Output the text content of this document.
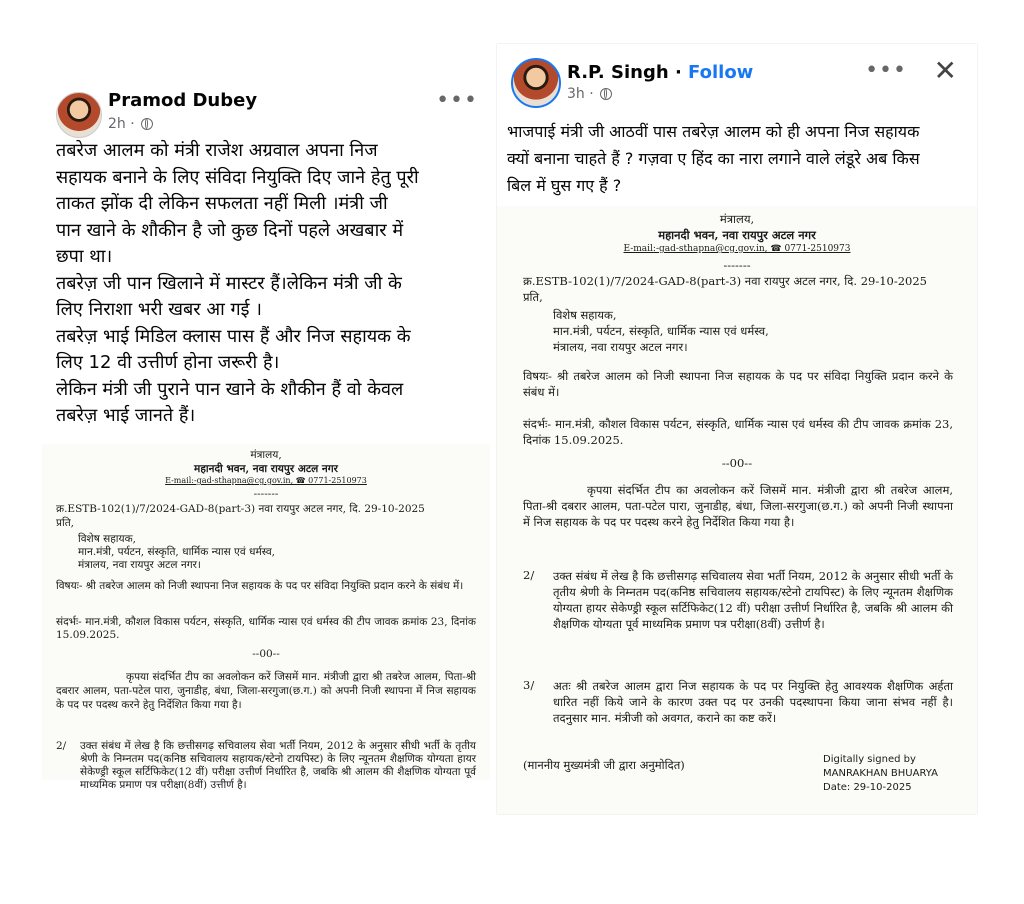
Pramod Dubey
2h ·
•••
तबरेज आलम को मंत्री राजेश अग्रवाल अपना निज
सहायक बनाने के लिए संविदा नियुक्ति दिए जाने हेतु पूरी
ताकत झोंक दी लेकिन सफलता नहीं मिली ।मंत्री जी
पान खाने के शौकीन है जो कुछ दिनों पहले अखबार में
छपा था।
तबरेज़ जी पान खिलाने में मास्टर हैं।लेकिन मंत्री जी के
लिए निराशा भरी खबर आ गई ।
तबरेज़ भाई मिडिल क्लास पास हैं और निज सहायक के
लिए 12 वी उत्तीर्ण होना जरूरी है।
लेकिन मंत्री जी पुराने पान खाने के शौकीन हैं वो केवल
तबरेज़ भाई जानते हैं।
मंत्रालय,
महानदी भवन, नवा रायपुर अटल नगर
E-mail:-gad-sthapna@cg.gov.in, ☎ 0771-2510973
-------
क्र.ESTB-102(1)/7/2024-GAD-8(part-3) नवा रायपुर अटल नगर, दि. 29-10-2025
प्रति,
विशेष सहायक,
मान.मंत्री, पर्यटन, संस्कृति, धार्मिक न्यास एवं धर्मस्व,
मंत्रालय, नवा रायपुर अटल नगर।
विषयः- श्री तबरेज आलम को निजी स्थापना निज सहायक के पद पर संविदा नियुक्ति प्रदान करने के संबंध में।
संदर्भः- मान.मंत्री, कौशल विकास पर्यटन, संस्कृति, धार्मिक न्यास एवं धर्मस्व की टीप जावक क्रमांक 23, दिनांक 15.09.2025.
--00--
कृपया संदर्भित टीप का अवलोकन करें जिसमें मान. मंत्रीजी द्वारा श्री तबरेज आलम, पिता-श्री दबरार आलम, पता-पटेल पारा, जुनाडीह, बंधा, जिला-सरगुजा(छ.ग.) को अपनी निजी स्थापना में निज सहायक के पद पर पदस्थ करने हेतु निर्देशित किया गया है।
2/ उक्त संबंध में लेख है कि छत्तीसगढ़ सचिवालय सेवा भर्ती नियम, 2012 के अनुसार सीधी भर्ती के तृतीय श्रेणी के निम्नतम पद(कनिष्ठ सचिवालय सहायक/स्टेनो टायपिस्ट) के लिए न्यूनतम शैक्षणिक योग्यता हायर सेकेण्ड्री स्कूल सर्टिफिकेट(12 वीं) परीक्षा उत्तीर्ण निर्धारित है, जबकि श्री आलम की शैक्षणिक योग्यता पूर्व माध्यमिक प्रमाण पत्र परीक्षा(8वीं) उत्तीर्ण है।
R.P. Singh · Follow
3h ·
••• ✕
भाजपाई मंत्री जी आठवीं पास तबरेज़ आलम को ही अपना निज सहायक
क्यों बनाना चाहते हैं ? गज़वा ए हिंद का नारा लगाने वाले लंडूरे अब किस
बिल में घुस गए हैं ?
मंत्रालय,
महानदी भवन, नवा रायपुर अटल नगर
E-mail:-gad-sthapna@cg.gov.in, ☎ 0771-2510973
-------
क्र.ESTB-102(1)/7/2024-GAD-8(part-3) नवा रायपुर अटल नगर, दि. 29-10-2025
प्रति,
विशेष सहायक,
मान.मंत्री, पर्यटन, संस्कृति, धार्मिक न्यास एवं धर्मस्व,
मंत्रालय, नवा रायपुर अटल नगर।
विषयः- श्री तबरेज आलम को निजी स्थापना निज सहायक के पद पर संविदा नियुक्ति प्रदान करने के संबंध में।
संदर्भः- मान.मंत्री, कौशल विकास पर्यटन, संस्कृति, धार्मिक न्यास एवं धर्मस्व की टीप जावक क्रमांक 23, दिनांक 15.09.2025.
--00--
कृपया संदर्भित टीप का अवलोकन करें जिसमें मान. मंत्रीजी द्वारा श्री तबरेज आलम, पिता-श्री दबरार आलम, पता-पटेल पारा, जुनाडीह, बंधा, जिला-सरगुजा(छ.ग.) को अपनी निजी स्थापना में निज सहायक के पद पर पदस्थ करने हेतु निर्देशित किया गया है।
2/ उक्त संबंध में लेख है कि छत्तीसगढ़ सचिवालय सेवा भर्ती नियम, 2012 के अनुसार सीधी भर्ती के तृतीय श्रेणी के निम्नतम पद(कनिष्ठ सचिवालय सहायक/स्टेनो टायपिस्ट) के लिए न्यूनतम शैक्षणिक योग्यता हायर सेकेण्ड्री स्कूल सर्टिफिकेट(12 वीं) परीक्षा उत्तीर्ण निर्धारित है, जबकि श्री आलम की शैक्षणिक योग्यता पूर्व माध्यमिक प्रमाण पत्र परीक्षा(8वीं) उत्तीर्ण है।
3/ अतः श्री तबरेज आलम द्वारा निज सहायक के पद पर नियुक्ति हेतु आवश्यक शैक्षणिक अर्हता धारित नहीं किये जाने के कारण उक्त पद पर उनकी पदस्थापना किया जाना संभव नहीं है। तदनुसार मान. मंत्रीजी को अवगत, कराने का कष्ट करें।
(माननीय मुख्यमंत्री जी द्वारा अनुमोदित)	Digitally signed by
MANRAKHAN BHUARYA
Date: 29-10-2025
